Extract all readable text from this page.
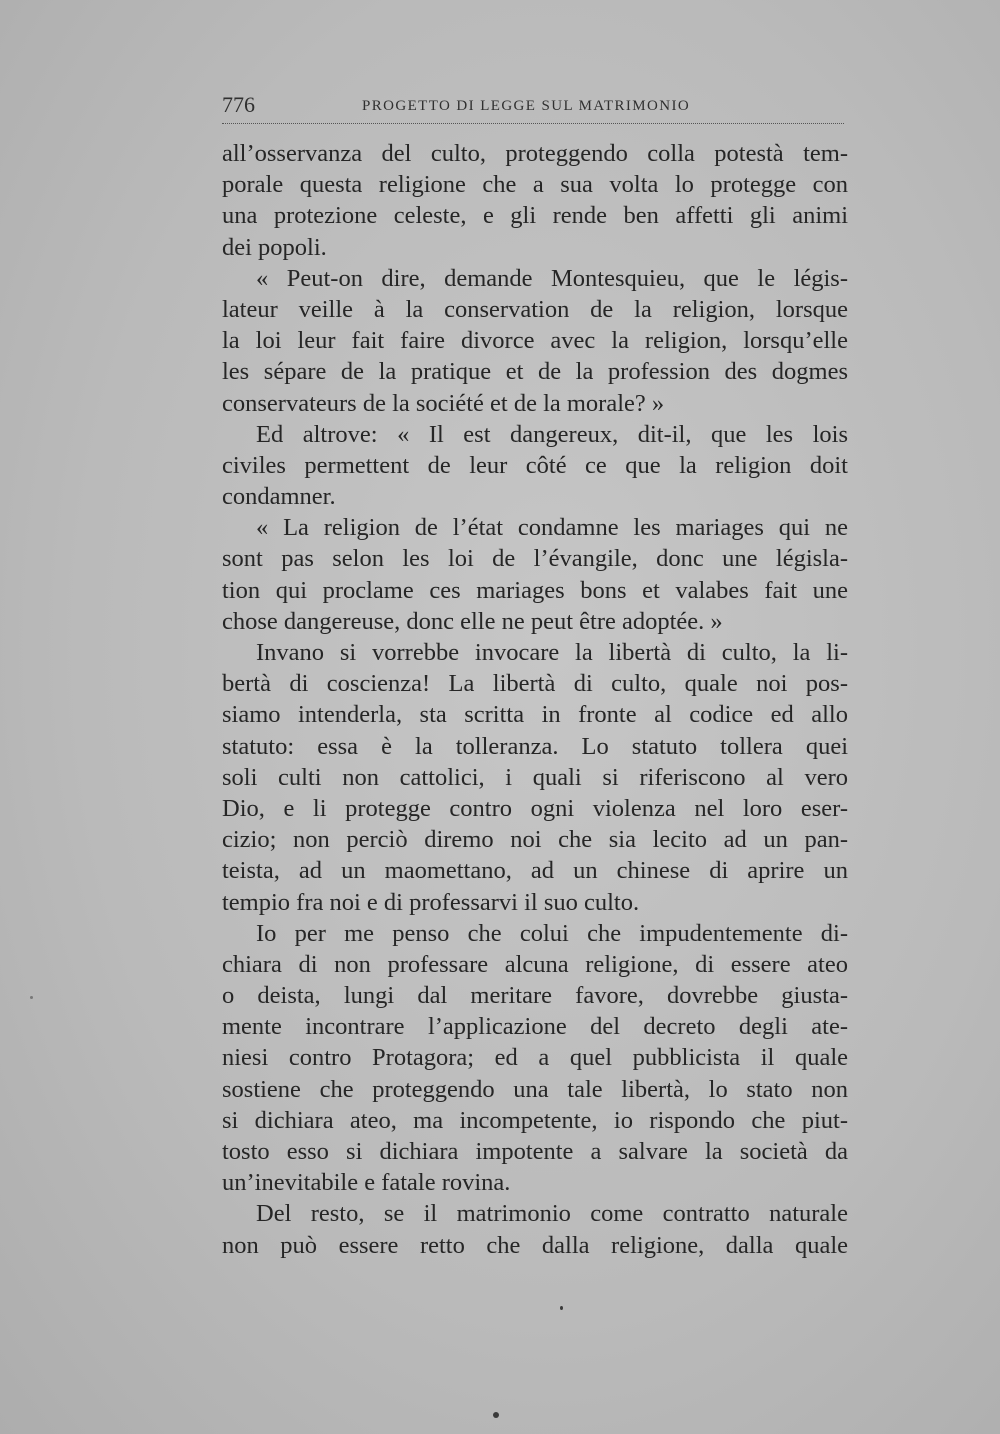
776	PROGETTO DI LEGGE SUL MATRIMONIO
all’osservanza del culto, proteggendo colla potestà tem-
porale questa religione che a sua volta lo protegge con
una protezione celeste, e gli rende ben affetti gli animi
dei popoli.
« Peut-on dire, demande Montesquieu, que le légis-
lateur veille à la conservation de la religion, lorsque
la loi leur fait faire divorce avec la religion, lorsqu’elle
les sépare de la pratique et de la profession des dogmes
conservateurs de la société et de la morale? »
Ed altrove: « Il est dangereux, dit-il, que les lois
civiles permettent de leur côté ce que la religion doit
condamner.
« La religion de l’état condamne les mariages qui ne
sont pas selon les loi de l’évangile, donc une législa-
tion qui proclame ces mariages bons et valabes fait une
chose dangereuse, donc elle ne peut être adoptée. »
Invano si vorrebbe invocare la libertà di culto, la li-
bertà di coscienza! La libertà di culto, quale noi pos-
siamo intenderla, sta scritta in fronte al codice ed allo
statuto: essa è la tolleranza. Lo statuto tollera quei
soli culti non cattolici, i quali si riferiscono al vero
Dio, e li protegge contro ogni violenza nel loro eser-
cizio; non perciò diremo noi che sia lecito ad un pan-
teista, ad un maomettano, ad un chinese di aprire un
tempio fra noi e di professarvi il suo culto.
Io per me penso che colui che impudentemente di-
chiara di non professare alcuna religione, di essere ateo
o deista, lungi dal meritare favore, dovrebbe giusta-
mente incontrare l’applicazione del decreto degli ate-
niesi contro Protagora; ed a quel pubblicista il quale
sostiene che proteggendo una tale libertà, lo stato non
si dichiara ateo, ma incompetente, io rispondo che piut-
tosto esso si dichiara impotente a salvare la società da
un’inevitabile e fatale rovina.
Del resto, se il matrimonio come contratto naturale
non può essere retto che dalla religione, dalla quale
